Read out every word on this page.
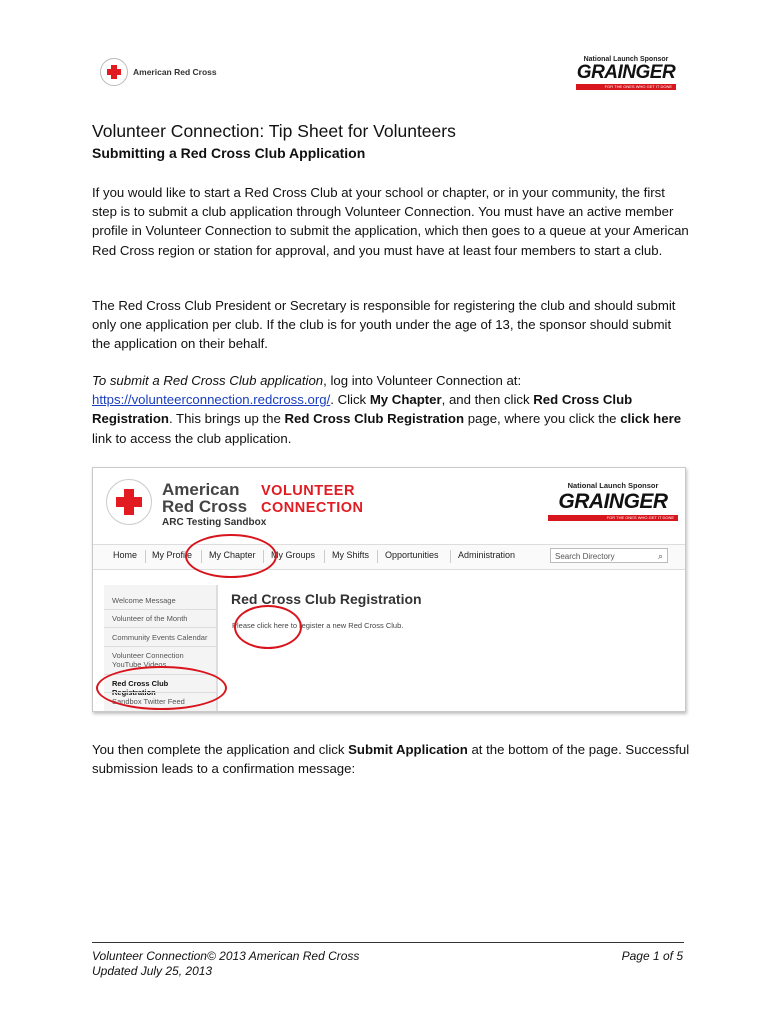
American Red Cross
National Launch Sponsor
GRAINGER
FOR THE ONES WHO GET IT DONE
Volunteer Connection: Tip Sheet for Volunteers
Submitting a Red Cross Club Application
If you would like to start a Red Cross Club at your school or chapter, or in your community, the first step is to submit a club application through Volunteer Connection. You must have an active member profile in Volunteer Connection to submit the application, which then goes to a queue at your American Red Cross region or station for approval, and you must have at least four members to start a club.
The Red Cross Club President or Secretary is responsible for registering the club and should submit only one application per club. If the club is for youth under the age of 13, the sponsor should submit the application on their behalf.
To submit a Red Cross Club application, log into Volunteer Connection at:
https://volunteerconnection.redcross.org/. Click My Chapter, and then click Red Cross Club Registration. This brings up the Red Cross Club Registration page, where you click the click here link to access the club application.
American
Red Cross
VOLUNTEER
CONNECTION
ARC Testing Sandbox
National Launch Sponsor
GRAINGER
FOR THE ONES WHO GET IT DONE
Home My Profile My Chapter My Groups My Shifts Opportunities Administration	Search Directory	⌕
Welcome Message
Volunteer of the Month
Community Events Calendar
Volunteer Connection YouTube Videos
Red Cross Club
Sandbox Twitter Feed
Red Cross Club Registration
Please click here to register a new Red Cross Club.
You then complete the application and click Submit Application at the bottom of the page. Successful submission leads to a confirmation message:
Volunteer Connection© 2013 American Red Cross
Updated July 25, 2013
Page 1 of 5
